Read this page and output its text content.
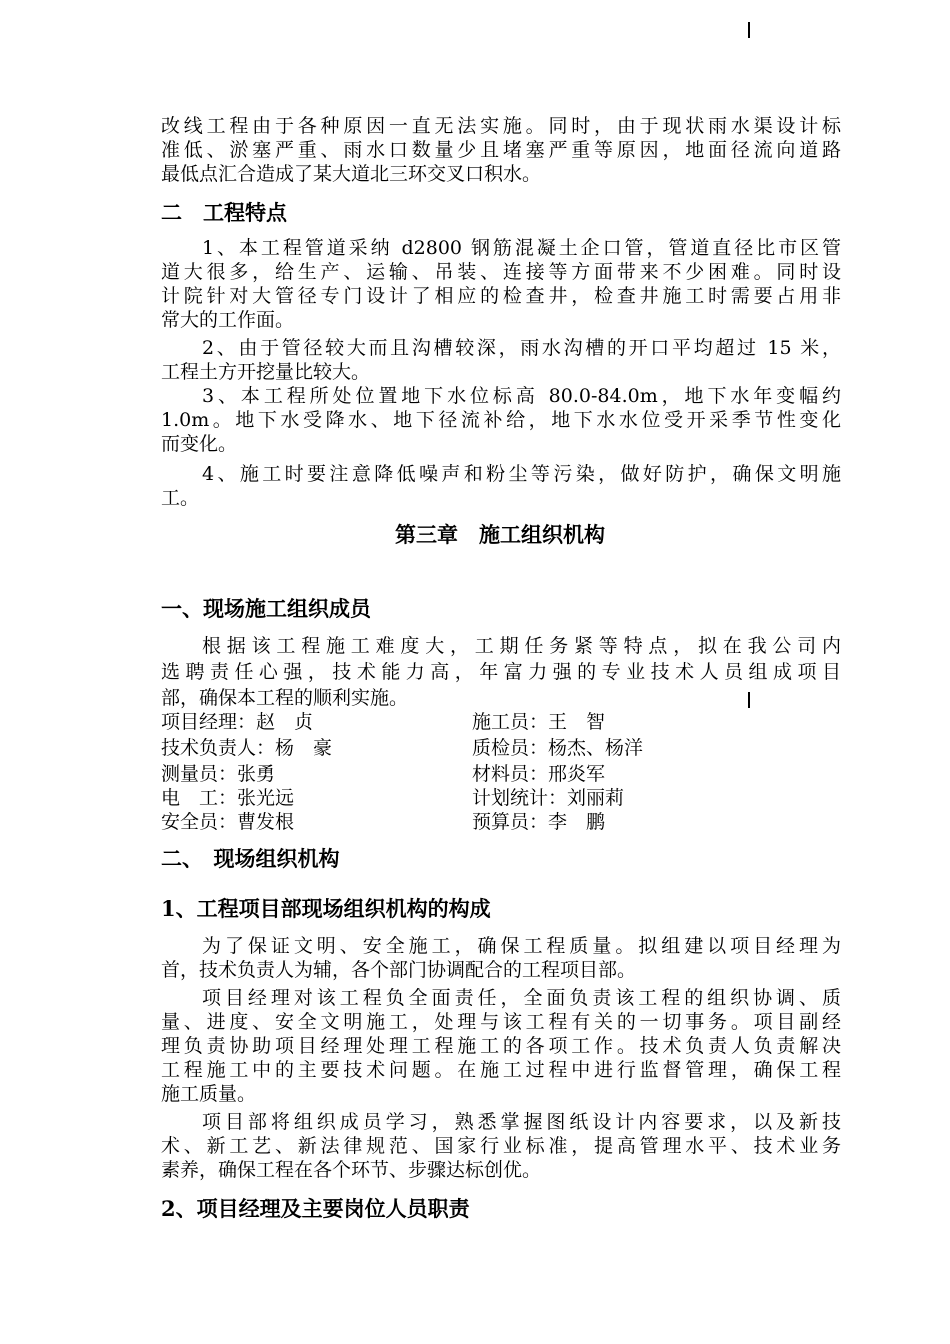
改线工程由于各种原因一直无法实施。同时，由于现状雨水渠设计标
准低、淤塞严重、雨水口数量少且堵塞严重等原因，地面径流向道路
最低点汇合造成了某大道北三环交叉口积水。
二　工程特点
1、本工程管道采纳 d2800 钢筋混凝土企口管，管道直径比市区管
道大很多，给生产、运输、吊装、连接等方面带来不少困难。同时设
计院针对大管径专门设计了相应的检查井，检查井施工时需要占用非
常大的工作面。
2、由于管径较大而且沟槽较深，雨水沟槽的开口平均超过 15 米，
工程土方开挖量比较大。
3、本工程所处位置地下水位标高 80.0-84.0m，地下水年变幅约
1.0m。地下水受降水、地下径流补给，地下水水位受开采季节性变化
而变化。
4、施工时要注意降低噪声和粉尘等污染，做好防护，确保文明施
工。
第三章　施工组织机构
一、现场施工组织成员
根据该工程施工难度大，工期任务紧等特点，拟在我公司内
选聘责任心强，技术能力高，年富力强的专业技术人员组成项目
部，确保本工程的顺利实施。
项目经理：赵　贞
技术负责人：杨　豪
测量员：张勇
电　工：张光远
安全员：曹发根
施工员：王　智
质检员：杨杰、杨洋
材料员：邢炎军
计划统计：刘丽莉
预算员：李　鹏
二、　现场组织机构
1、工程项目部现场组织机构的构成
为了保证文明、安全施工，确保工程质量。拟组建以项目经理为
首，技术负责人为辅，各个部门协调配合的工程项目部。
项目经理对该工程负全面责任，全面负责该工程的组织协调、质
量、进度、安全文明施工，处理与该工程有关的一切事务。项目副经
理负责协助项目经理处理工程施工的各项工作。技术负责人负责解决
工程施工中的主要技术问题。在施工过程中进行监督管理，确保工程
施工质量。
项目部将组织成员学习，熟悉掌握图纸设计内容要求，以及新技
术、新工艺、新法律规范、国家行业标准，提高管理水平、技术业务
素养，确保工程在各个环节、步骤达标创优。
2、项目经理及主要岗位人员职责
